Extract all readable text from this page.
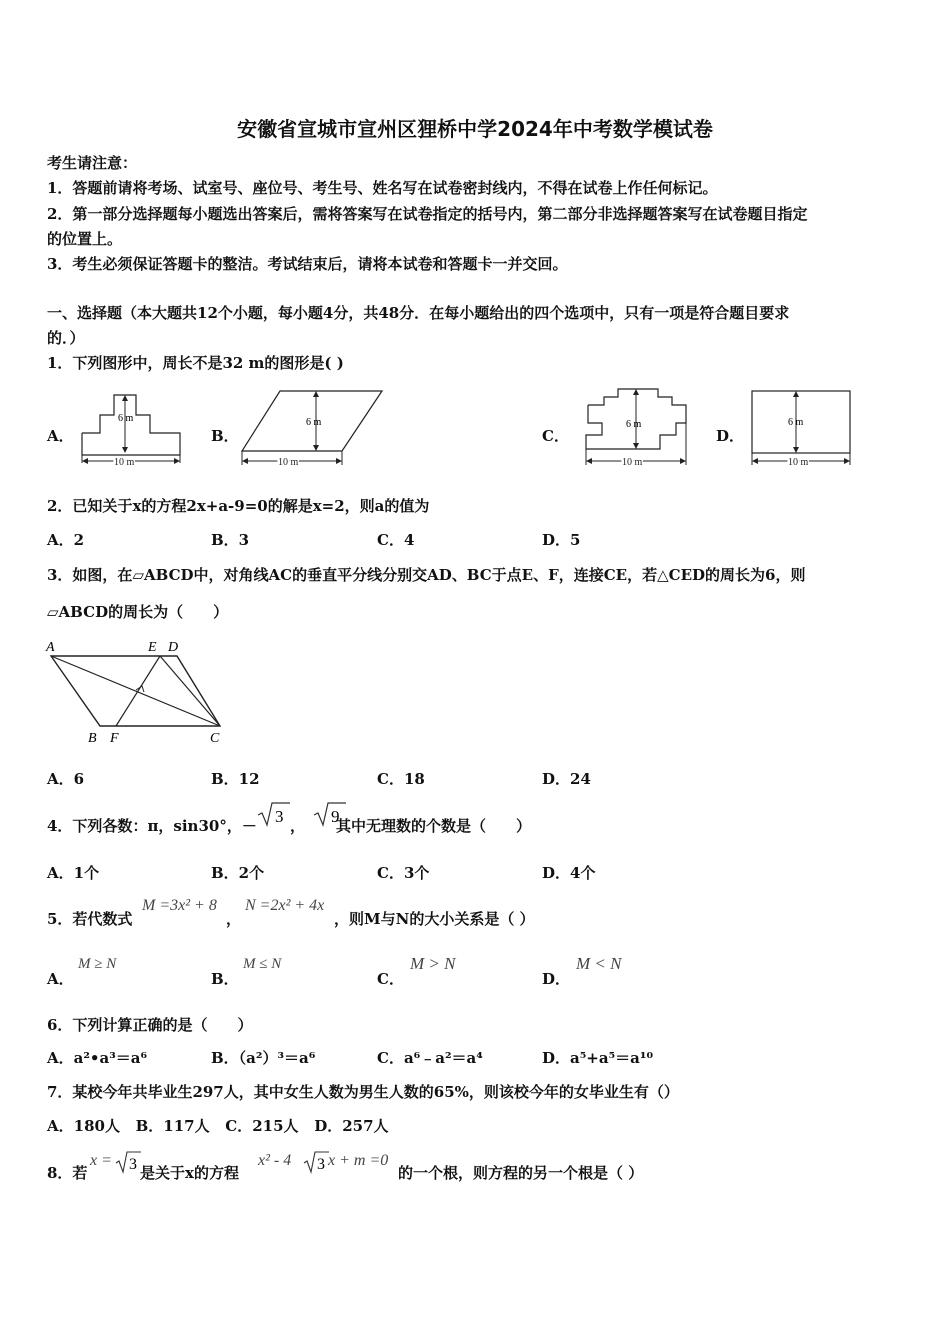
安徽省宣城市宣州区狸桥中学2024年中考数学模试卷
考生请注意：
1．答题前请将考场、试室号、座位号、考生号、姓名写在试卷密封线内，不得在试卷上作任何标记。
2．第一部分选择题每小题选出答案后，需将答案写在试卷指定的括号内，第二部分非选择题答案写在试卷题目指定
的位置上。
3．考生必须保证答题卡的整洁。考试结束后，请将本试卷和答题卡一并交回。
一、选择题（本大题共12个小题，每小题4分，共48分．在每小题给出的四个选项中，只有一项是符合题目要求
的．）
1．下列图形中，周长不是32 m的图形是( )
A．
6 m
10 m
B．
6 m
10 m
C．
6 m
10 m
D．
6 m
10 m
2．已知关于x的方程2x+a-9=0的解是x=2，则a的值为
A．2	B．3	C．4	D．5
3．如图，在▱ABCD中，对角线AC的垂直平分线分别交AD、BC于点E、F，连接CE，若△CED的周长为6，则
▱ABCD的周长为（　　）
A	E D
B F	C
A．6	B．12	C．18	D．24
4．下列各数：π，sin30°，－ 3 ， 9
其中无理数的个数是（　　）
A．1个	B．2个	C．3个	D．4个
5．若代数式
M =3x² + 8
，
N =2x² + 4x
，则M与N的大小关系是（ ）
A．
M ≥ N
B．
M ≤ N
C．
M > N
D．
M < N
6．下列计算正确的是（　　）
A．a²•a³＝a⁶	B．（a²）³＝a⁶	C．a⁶﹣a²＝a⁴	D．a⁵+a⁵＝a¹⁰
7．某校今年共毕业生297人，其中女生人数为男生人数的65%，则该校今年的女毕业生有（）
A．180人   B．117人   C．215人   D．257人
8．若
x = 3 是关于x的方程
x² - 4 3 x + m =0
的一个根，则方程的另一个根是（ ）
